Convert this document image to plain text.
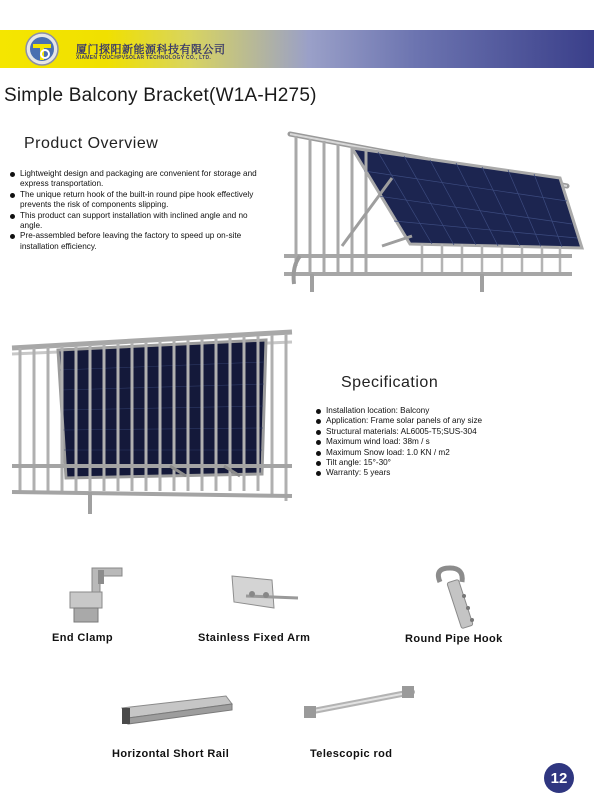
厦门探阳新能源科技有限公司
XIAMEN TOUCHPVSOLAR TECHNOLOGY CO., LTD.
Simple Balcony Bracket(W1A-H275)
Product Overview
Lightweight design and packaging are convenient for storage and express transportation.
The unique return hook of the built-in round pipe hook effectively prevents the risk of components slipping.
This product can support installation with inclined angle and no angle.
Pre-assembled before leaving the factory to speed up on-site installation efficiency.
Specification
Installation location: Balcony
Application: Frame solar panels of any size
Structural materials: AL6005-T5;SUS-304
Maximum wind load: 38m / s
Maximum Snow load: 1.0 KN / m2
Tilt angle: 15°-30°
Warranty: 5 years
End Clamp	Stainless Fixed Arm	Round Pipe Hook
Horizontal Short Rail	Telescopic rod
12
